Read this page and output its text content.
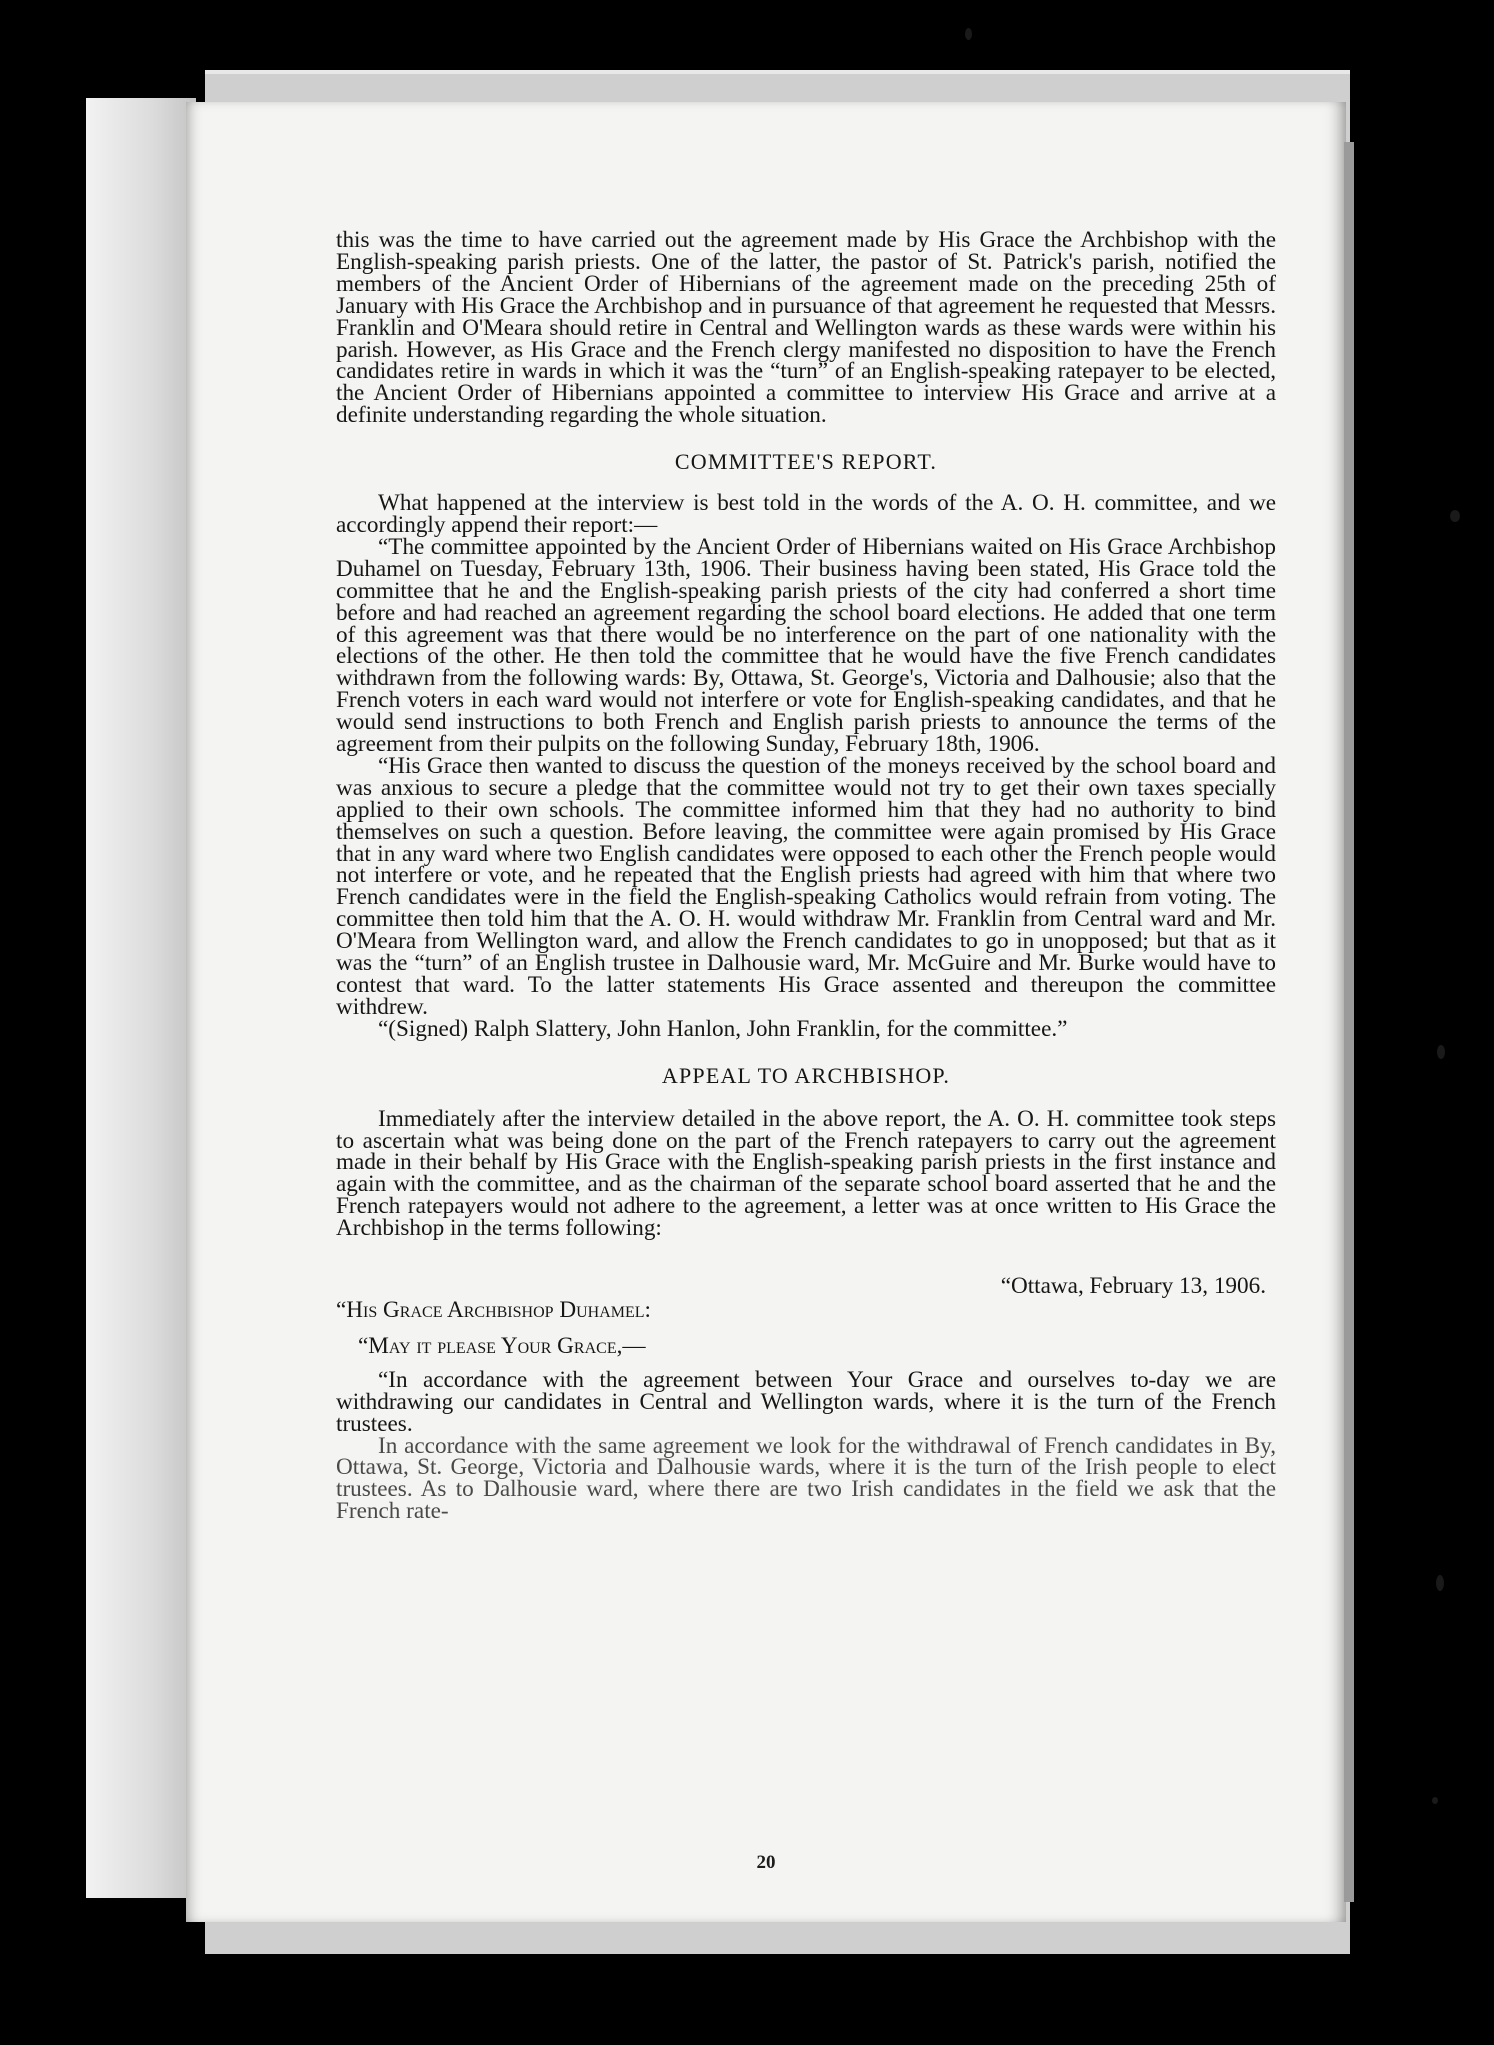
this was the time to have carried out the agreement made by His Grace the Archbishop with the English-speaking parish priests. One of the latter, the pastor of St. Patrick's parish, notified the members of the Ancient Order of Hibernians of the agreement made on the preceding 25th of January with His Grace the Archbishop and in pursuance of that agreement he requested that Messrs. Franklin and O'Meara should retire in Central and Wellington wards as these wards were within his parish. However, as His Grace and the French clergy manifested no disposition to have the French candidates retire in wards in which it was the “turn” of an English-speaking ratepayer to be elected, the Ancient Order of Hibernians appointed a committee to interview His Grace and arrive at a definite understanding regarding the whole situation.

COMMITTEE'S REPORT.

What happened at the interview is best told in the words of the A. O. H. committee, and we accordingly append their report:—

“The committee appointed by the Ancient Order of Hibernians waited on His Grace Archbishop Duhamel on Tuesday, February 13th, 1906. Their business having been stated, His Grace told the committee that he and the English-speaking parish priests of the city had conferred a short time before and had reached an agreement regarding the school board elections. He added that one term of this agreement was that there would be no interference on the part of one nationality with the elections of the other. He then told the committee that he would have the five French candidates withdrawn from the following wards: By, Ottawa, St. George's, Victoria and Dalhousie; also that the French voters in each ward would not interfere or vote for English-speaking candidates, and that he would send instructions to both French and English parish priests to announce the terms of the agreement from their pulpits on the following Sunday, February 18th, 1906.

“His Grace then wanted to discuss the question of the moneys received by the school board and was anxious to secure a pledge that the committee would not try to get their own taxes specially applied to their own schools. The committee informed him that they had no authority to bind themselves on such a question. Before leaving, the committee were again promised by His Grace that in any ward where two English candidates were opposed to each other the French people would not interfere or vote, and he repeated that the English priests had agreed with him that where two French candidates were in the field the English-speaking Catholics would refrain from voting. The committee then told him that the A. O. H. would withdraw Mr. Franklin from Central ward and Mr. O'Meara from Wellington ward, and allow the French candidates to go in unopposed; but that as it was the “turn” of an English trustee in Dalhousie ward, Mr. McGuire and Mr. Burke would have to contest that ward. To the latter statements His Grace assented and thereupon the committee withdrew.

“(Signed) Ralph Slattery, John Hanlon, John Franklin, for the committee.”

APPEAL TO ARCHBISHOP.

Immediately after the interview detailed in the above report, the A. O. H. committee took steps to ascertain what was being done on the part of the French ratepayers to carry out the agreement made in their behalf by His Grace with the English-speaking parish priests in the first instance and again with the committee, and as the chairman of the separate school board asserted that he and the French ratepayers would not adhere to the agreement, a letter was at once written to His Grace the Archbishop in the terms following:

“Ottawa, February 13, 1906.

“His Grace Archbishop Duhamel:

“May it please Your Grace,—

“In accordance with the agreement between Your Grace and ourselves to-day we are withdrawing our candidates in Central and Wellington wards, where it is the turn of the French trustees.

In accordance with the same agreement we look for the withdrawal of French candidates in By, Ottawa, St. George, Victoria and Dalhousie wards, where it is the turn of the Irish people to elect trustees. As to Dalhousie ward, where there are two Irish candidates in the field we ask that the French rate-

20
